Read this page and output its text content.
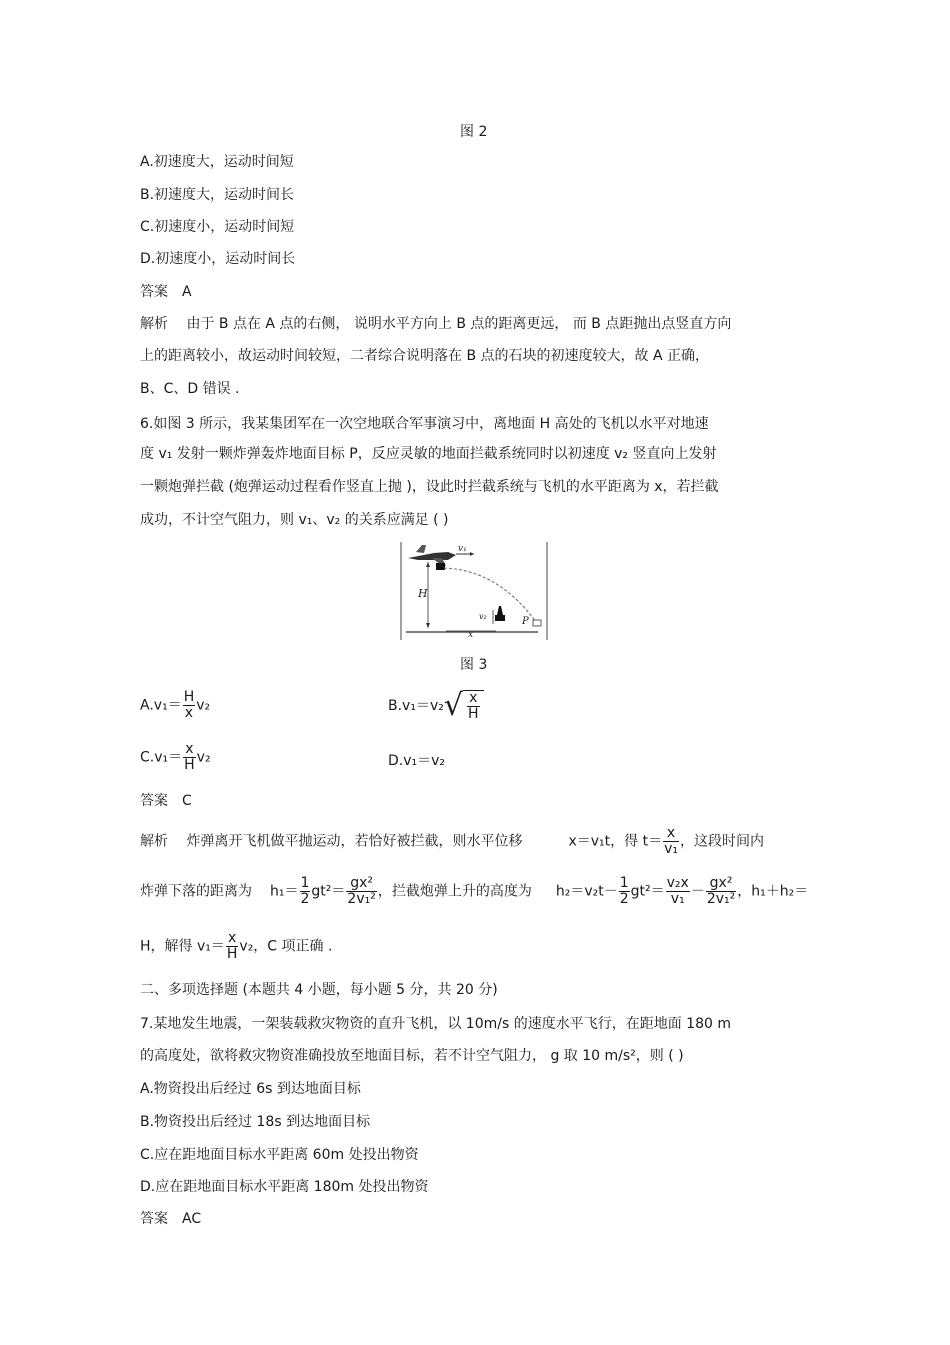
图 2
A.初速度大，运动时间短
B.初速度大，运动时间长
C.初速度小，运动时间短
D.初速度小，运动时间长
答案　A
解析　 由于 B 点在 A 点的右侧， 说明水平方向上 B 点的距离更远， 而 B 点距抛出点竖直方向
上的距离较小，故运动时间较短，二者综合说明落在 B 点的石块的初速度较大，故 A 正确，
B、C、D 错误 .
6.如图 3 所示，我某集团军在一次空地联合军事演习中，离地面 H 高处的飞机以水平对地速
度 v₁ 发射一颗炸弹轰炸地面目标 P，反应灵敏的地面拦截系统同时以初速度 v₂ 竖直向上发射
一颗炮弹拦截 (炮弹运动过程看作竖直上抛 )，设此时拦截系统与飞机的水平距离为 x，若拦截
成功，不计空气阻力，则 v₁、v₂ 的关系应满足 ( )
v₁
H
v₂
x
P
图 3
$A.v_1= \frac{H}{x} v_2$	$B.v_1=v_2√ \frac{x}{H}$
$C.v_1= \frac{x}{H} v_2$	D.v₁＝v₂
答案　C
解析　 炸弹离开飞机做平抛运动，若恰好被拦截，则水平位移	x＝v₁t，得 $t= \frac{x}{\text{v₁}}$ ，这段时间内
炸弹下落的距离为 $h_1= \frac{1}{2} gt^2= \frac{\text{gx²}}{\text{2v₁²}}$ ，拦截炮弹上升的高度为 $h_2=v_2t- \frac{1}{2} gt^2= \frac{\text{v₂x}}{\text{v₁}} - \frac{\text{gx²}}{\text{2v₁²}}$ ，h₁＋h₂＝
H，解得 $v_1= \frac{x}{H} v_2$，C 项正确 .
二、多项选择题 (本题共 4 小题，每小题 5 分，共 20 分)
7.某地发生地震，一架装载救灾物资的直升飞机，以 10m/s 的速度水平飞行，在距地面 180 m
的高度处，欲将救灾物资准确投放至地面目标，若不计空气阻力， g 取 10 m/s²，则 ( )
A.物资投出后经过 6s 到达地面目标
B.物资投出后经过 18s 到达地面目标
C.应在距地面目标水平距离 60m 处投出物资
D.应在距地面目标水平距离 180m 处投出物资
答案　AC
